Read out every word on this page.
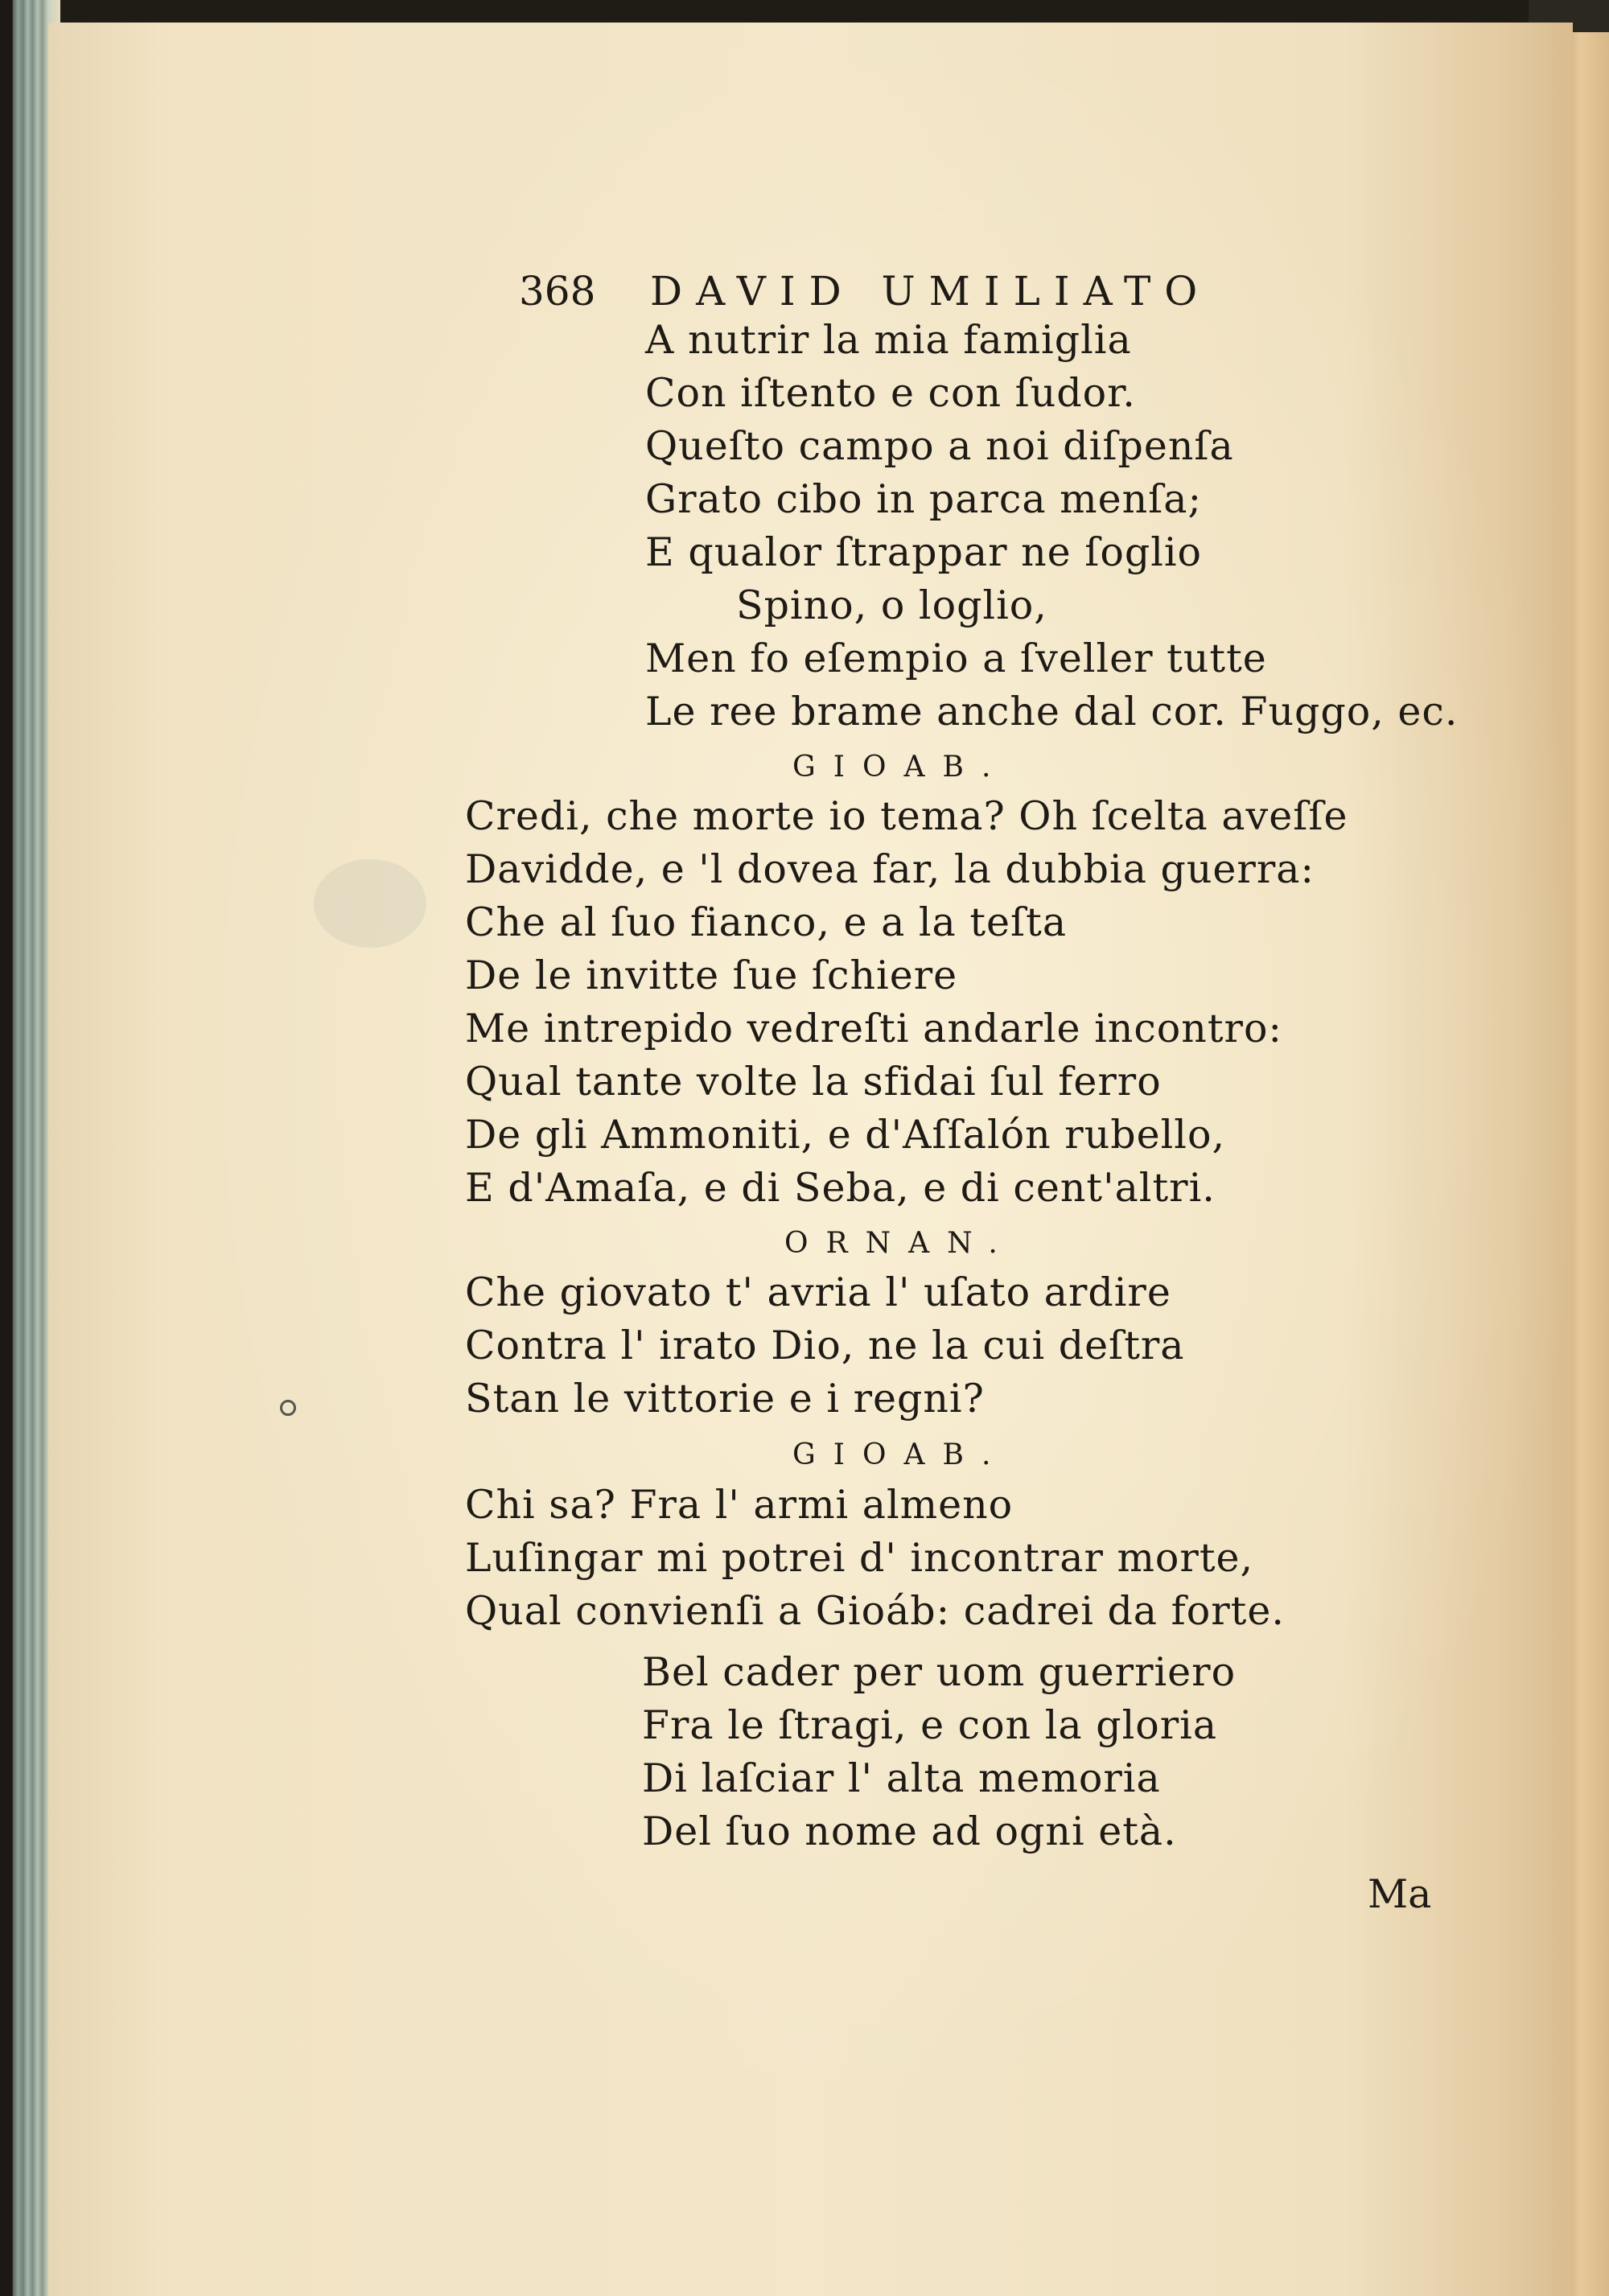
368 DAVID UMILIATO
A nutrir la mia famiglia
Con iſtento e con ſudor.
Queſto campo a noi diſpenſa
Grato cibo in parca menſa;
E qualor ſtrappar ne ſoglio
Spino, o loglio,
Men fo eſempio a ſveller tutte
Le ree brame anche dal cor. Fuggo, ec.
GIOAB.
Credi, che morte io tema? Oh ſcelta aveſſe
Davidde, e 'l dovea far, la dubbia guerra:
Che al ſuo fianco, e a la teſta
De le invitte ſue ſchiere
Me intrepido vedreſti andarle incontro:
Qual tante volte la sfidai ſul ferro
De gli Ammoniti, e d'Aſſalón rubello,
E d'Amaſa, e di Seba, e di cent'altri.
ORNAN.
Che giovato t' avria l' uſato ardire
Contra l' irato Dio, ne la cui deſtra
Stan le vittorie e i regni?
GIOAB.
Chi sa? Fra l' armi almeno
Luſingar mi potrei d' incontrar morte,
Qual convienſi a Gioáb: cadrei da forte.
Bel cader per uom guerriero
Fra le ſtragi, e con la gloria
Di laſciar l' alta memoria
Del ſuo nome ad ogni età.
Ma
